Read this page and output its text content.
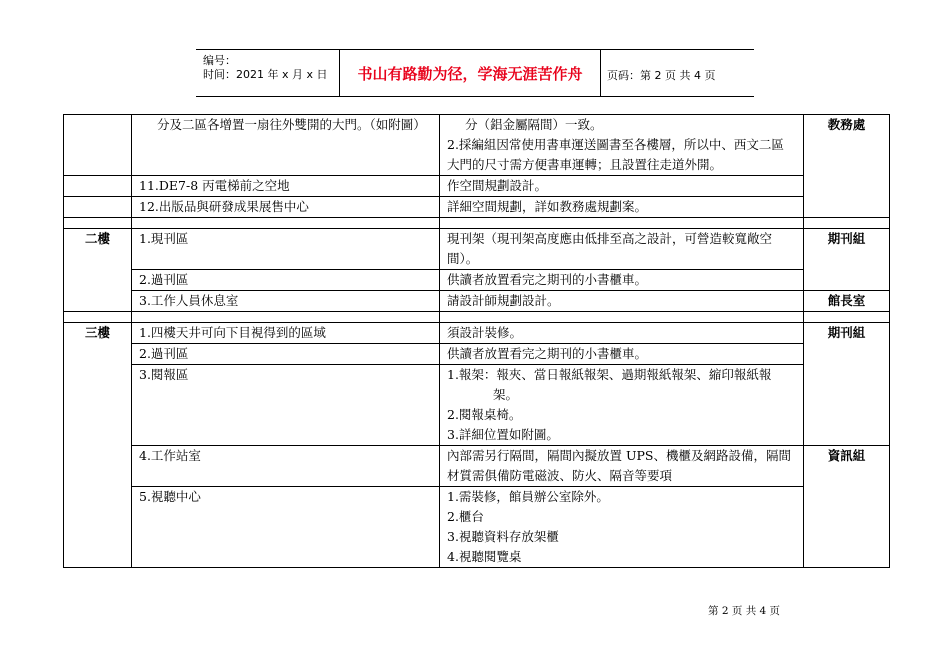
编号：
时间：2021 年 x 月 x 日	书山有路勤为径，学海无涯苦作舟	页码：第 2 页 共 4 页

	分及二區各增置一扇往外雙開的大門。（如附圖）	分（鋁金屬隔間）一致。
2.採編組因常使用書車運送圖書至各樓層，所以中、西文二區大門的尺寸需方便書車運轉；且設置往走道外開。	教務處
	11.DE7-8 丙電梯前之空地	作空間規劃設計。	
	12.出版品與研發成果展售中心	詳細空間規劃，詳如教務處規劃案。	

二樓	1.現刊區	現刊架（現刊架高度應由低排至高之設計，可營造較寬敞空間）。	期刊組
	2.過刊區	供讀者放置看完之期刊的小書櫃車。	
	3.工作人員休息室	請設計師規劃設計。	館長室

三樓	1.四樓天井可向下目視得到的區域	須設計裝修。	期刊組
	2.過刊區	供讀者放置看完之期刊的小書櫃車。	
	3.閱報區	1.報架：報夾、當日報紙報架、過期報紙報架、縮印報紙報
架。
2.閱報桌椅。
3.詳細位置如附圖。	

	4.工作站室	內部需另行隔間，隔間內擬放置 UPS、機櫃及網路設備，隔間材質需俱備防電磁波、防火、隔音等要項	資訊組
	5.視聽中心	1.需裝修，館員辦公室除外。
2.櫃台
3.視聽資料存放架櫃
4.視聽閱覽桌	
第 2 页 共 4 页
